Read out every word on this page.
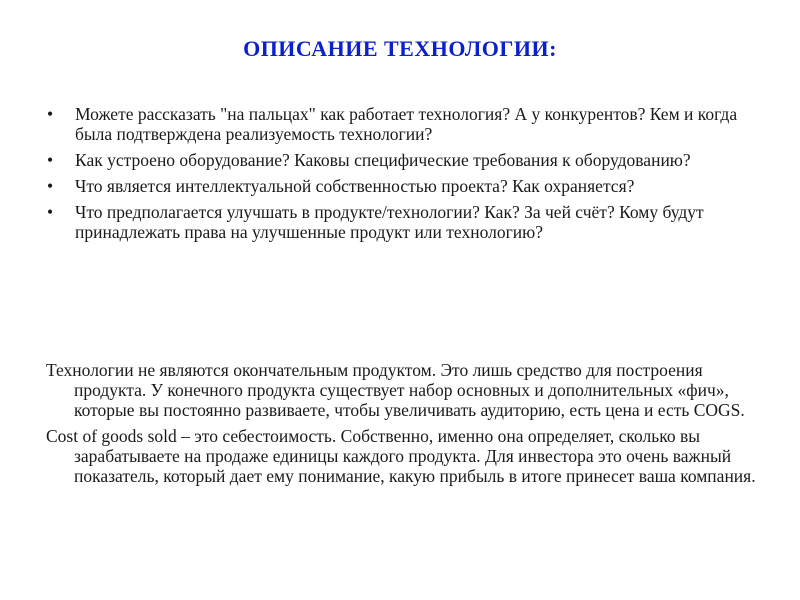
ОПИСАНИЕ ТЕХНОЛОГИИ:
• Можете рассказать "на пальцах" как работает технология? А у конкурентов? Кем и когда была подтверждена реализуемость технологии?
• Как устроено оборудование? Каковы специфические требования к оборудованию?
• Что является интеллектуальной собственностью проекта? Как охраняется?
• Что предполагается улучшать в продукте/технологии? Как? За чей счёт? Кому будут принадлежать права на улучшенные продукт или технологию?

Технологии не являются окончательным продуктом. Это лишь средство для построения продукта. У конечного продукта существует набор основных и дополнительных «фич», которые вы постоянно развиваете, чтобы увеличивать аудиторию, есть цена и есть COGS.

Cost of goods sold – это себестоимость. Собственно, именно она определяет, сколько вы зарабатываете на продаже единицы каждого продукта. Для инвестора это очень важный показатель, который дает ему понимание, какую прибыль в итоге принесет ваша компания.
